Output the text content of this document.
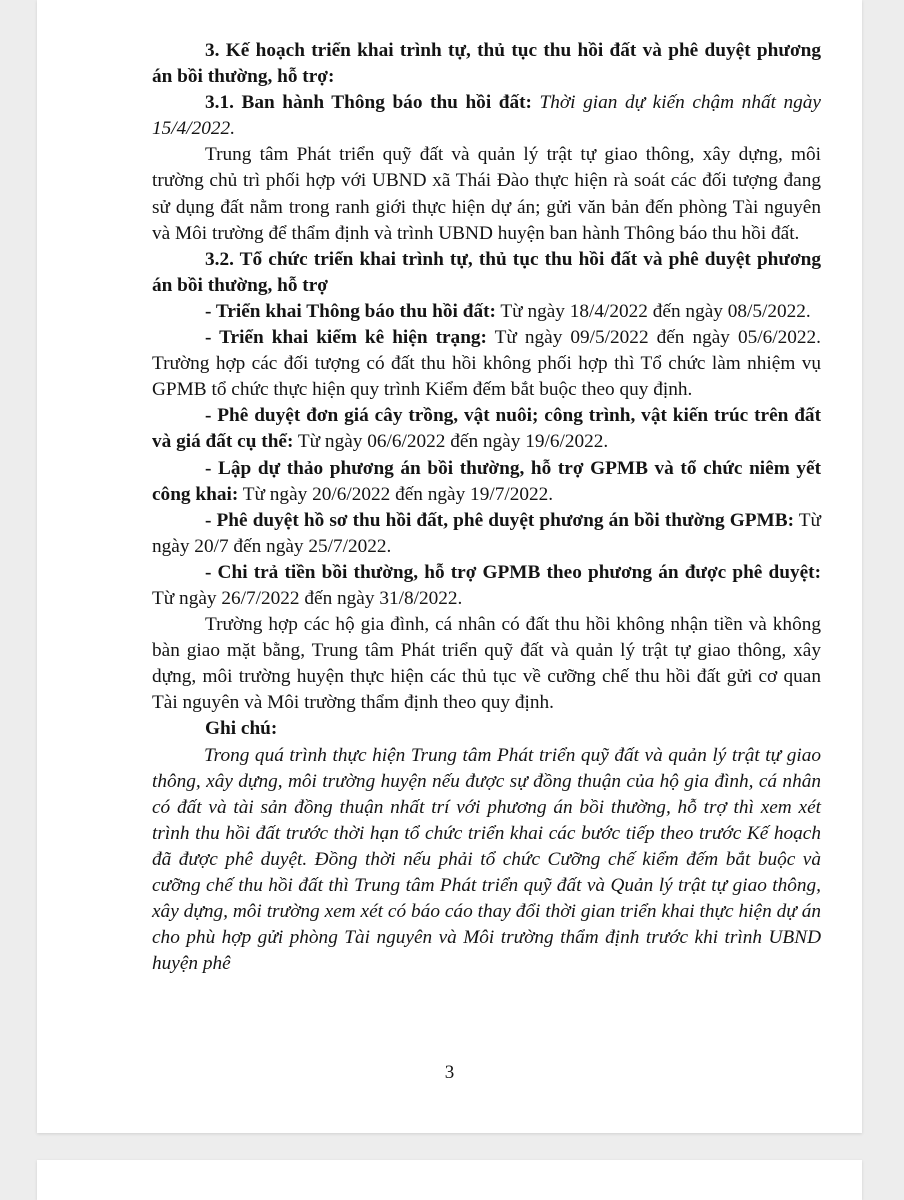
3. Kế hoạch triển khai trình tự, thủ tục thu hồi đất và phê duyệt phương án bồi thường, hỗ trợ:

3.1. Ban hành Thông báo thu hồi đất: Thời gian dự kiến chậm nhất ngày 15/4/2022.

Trung tâm Phát triển quỹ đất và quản lý trật tự giao thông, xây dựng, môi trường chủ trì phối hợp với UBND xã Thái Đào thực hiện rà soát các đối tượng đang sử dụng đất nằm trong ranh giới thực hiện dự án; gửi văn bản đến phòng Tài nguyên và Môi trường để thẩm định và trình UBND huyện ban hành Thông báo thu hồi đất.

3.2. Tổ chức triển khai trình tự, thủ tục thu hồi đất và phê duyệt phương án bồi thường, hỗ trợ

- Triển khai Thông báo thu hồi đất: Từ ngày 18/4/2022 đến ngày 08/5/2022.

- Triển khai kiểm kê hiện trạng: Từ ngày 09/5/2022 đến ngày 05/6/2022. Trường hợp các đối tượng có đất thu hồi không phối hợp thì Tổ chức làm nhiệm vụ GPMB tổ chức thực hiện quy trình Kiểm đếm bắt buộc theo quy định.

- Phê duyệt đơn giá cây trồng, vật nuôi; công trình, vật kiến trúc trên đất và giá đất cụ thể: Từ ngày 06/6/2022 đến ngày 19/6/2022.

- Lập dự thảo phương án bồi thường, hỗ trợ GPMB và tổ chức niêm yết công khai: Từ ngày 20/6/2022 đến ngày 19/7/2022.

- Phê duyệt hồ sơ thu hồi đất, phê duyệt phương án bồi thường GPMB: Từ ngày 20/7 đến ngày 25/7/2022.

- Chi trả tiền bồi thường, hỗ trợ GPMB theo phương án được phê duyệt: Từ ngày 26/7/2022 đến ngày 31/8/2022.

Trường hợp các hộ gia đình, cá nhân có đất thu hồi không nhận tiền và không bàn giao mặt bằng, Trung tâm Phát triển quỹ đất và quản lý trật tự giao thông, xây dựng, môi trường huyện thực hiện các thủ tục về cưỡng chế thu hồi đất gửi cơ quan Tài nguyên và Môi trường thẩm định theo quy định.

Ghi chú:

Trong quá trình thực hiện Trung tâm Phát triển quỹ đất và quản lý trật tự giao thông, xây dựng, môi trường huyện nếu được sự đồng thuận của hộ gia đình, cá nhân có đất và tài sản đồng thuận nhất trí với phương án bồi thường, hỗ trợ thì xem xét trình thu hồi đất trước thời hạn tổ chức triển khai các bước tiếp theo trước Kế hoạch đã được phê duyệt. Đồng thời nếu phải tổ chức Cưỡng chế kiểm đếm bắt buộc và cưỡng chế thu hồi đất thì Trung tâm Phát triển quỹ đất và Quản lý trật tự giao thông, xây dựng, môi trường xem xét có báo cáo thay đổi thời gian triển khai thực hiện dự án cho phù hợp gửi phòng Tài nguyên và Môi trường thẩm định trước khi trình UBND huyện phê

3
